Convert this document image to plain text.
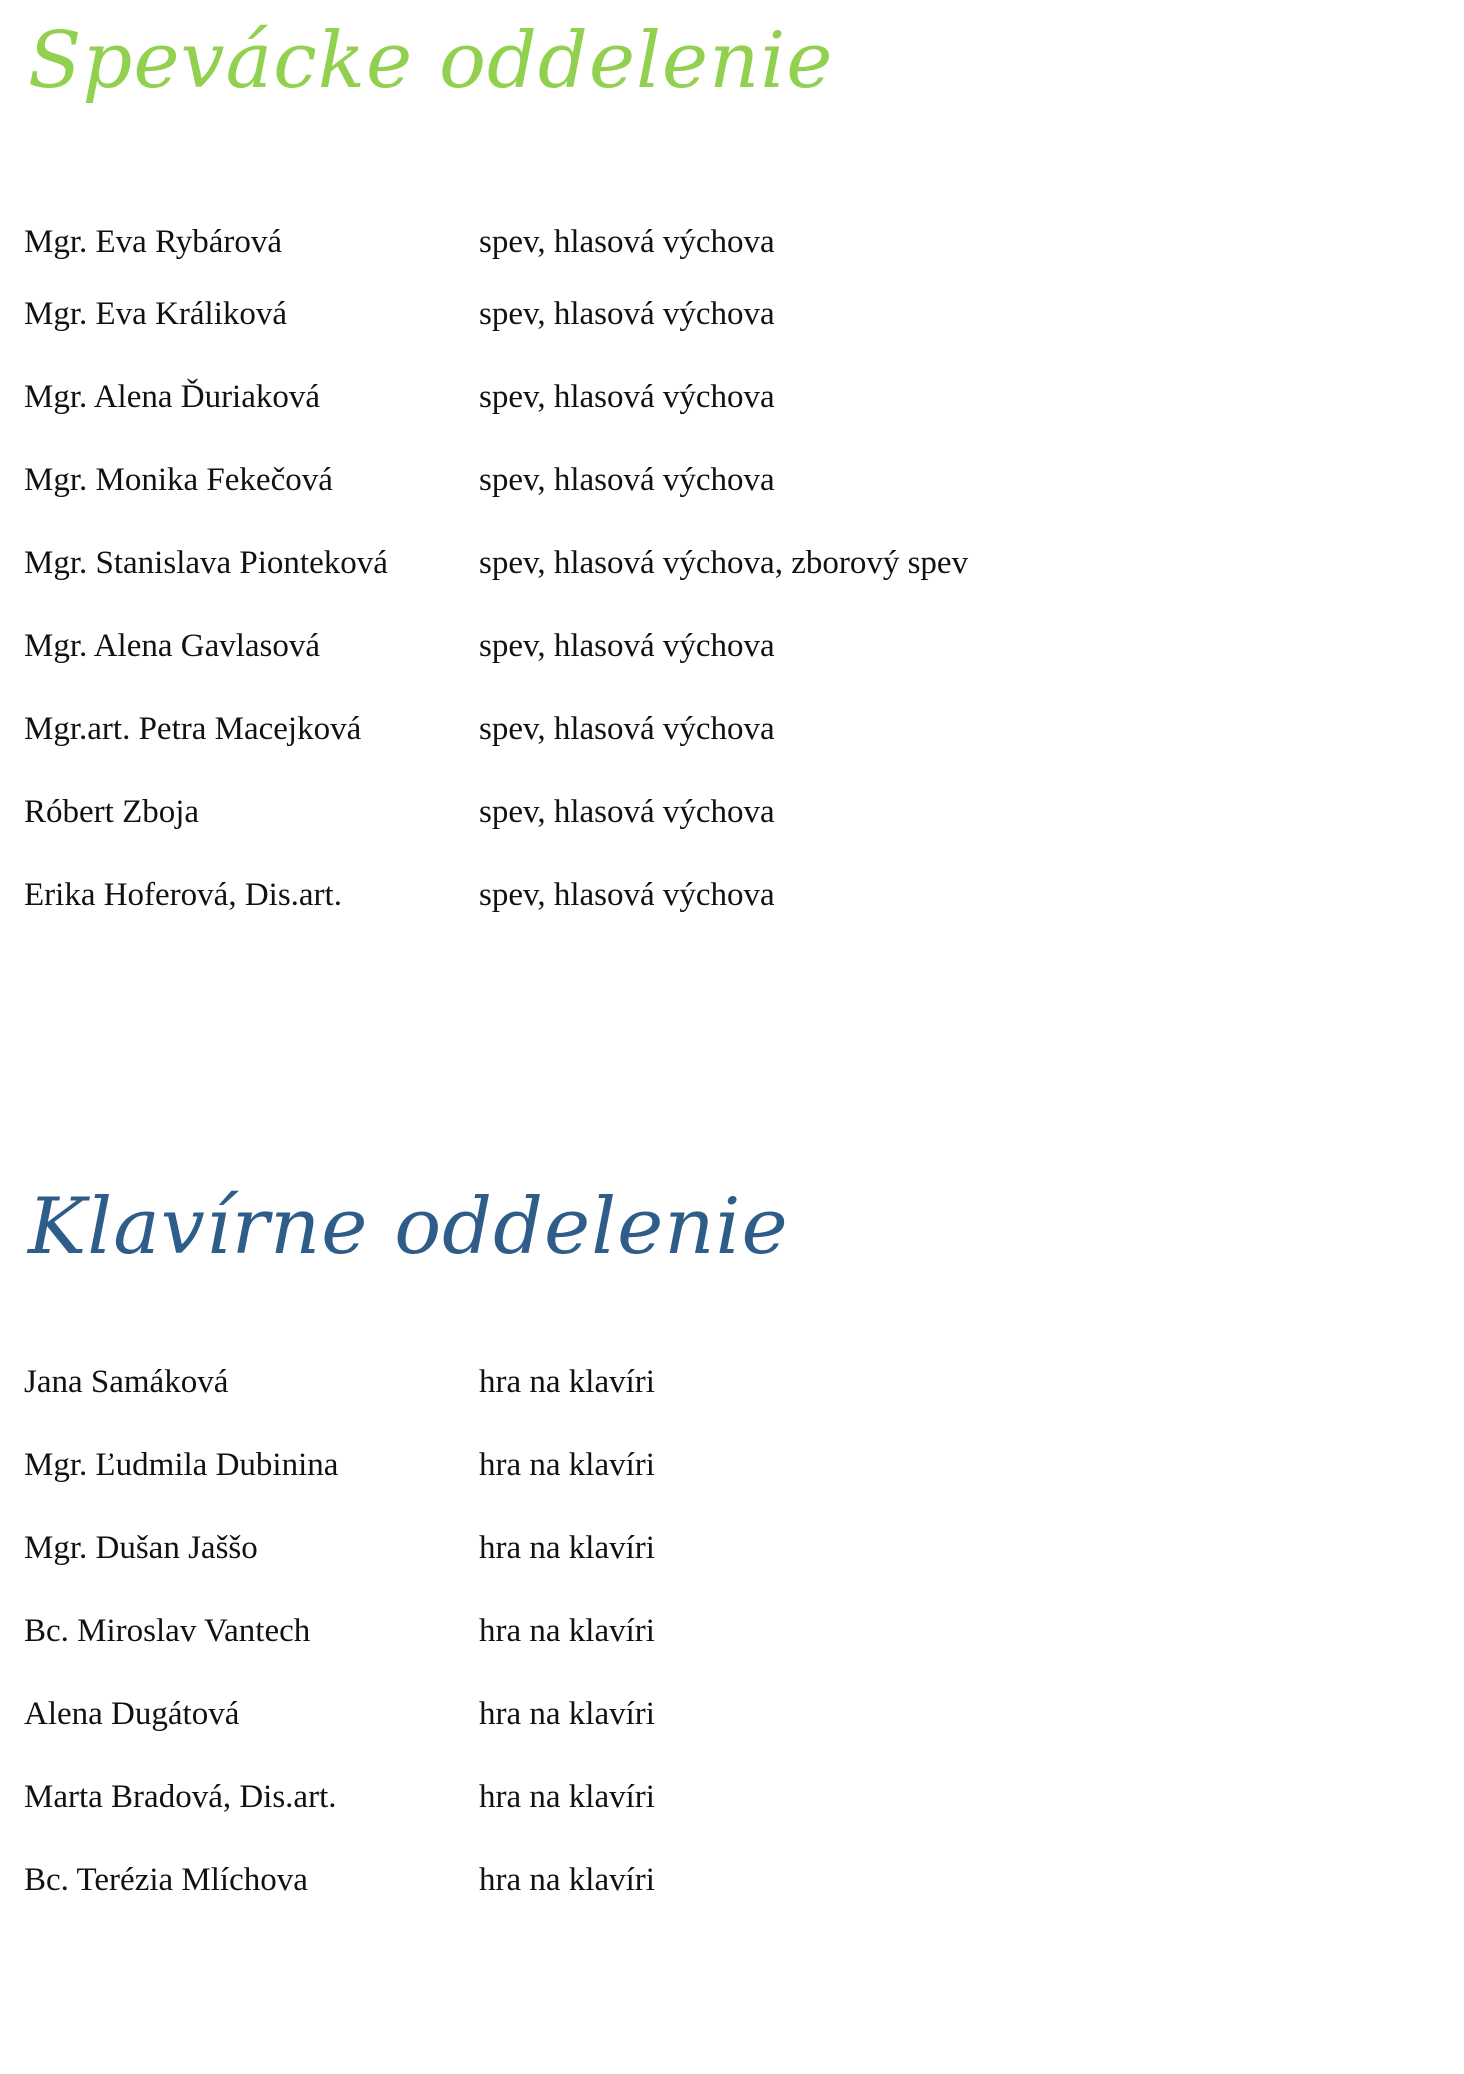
Spevácke oddelenie
Mgr. Eva Rybárová	spev, hlasová výchova
Mgr. Eva Králiková	spev, hlasová výchova
Mgr. Alena Ďuriaková	spev, hlasová výchova
Mgr. Monika Fekečová	spev, hlasová výchova
Mgr. Stanislava Pionteková	spev, hlasová výchova, zborový spev
Mgr. Alena Gavlasová	spev, hlasová výchova
Mgr.art. Petra Macejková	spev, hlasová výchova
Róbert Zboja	spev, hlasová výchova
Erika Hoferová, Dis.art.	spev, hlasová výchova
Klavírne oddelenie
Jana Samáková	hra na klavíri
Mgr. Ľudmila Dubinina	hra na klavíri
Mgr. Dušan Jaššo	hra na klavíri
Bc. Miroslav Vantech	hra na klavíri
Alena Dugátová	hra na klavíri
Marta Bradová, Dis.art.	hra na klavíri
Bc. Terézia Mlíchova	hra na klavíri
